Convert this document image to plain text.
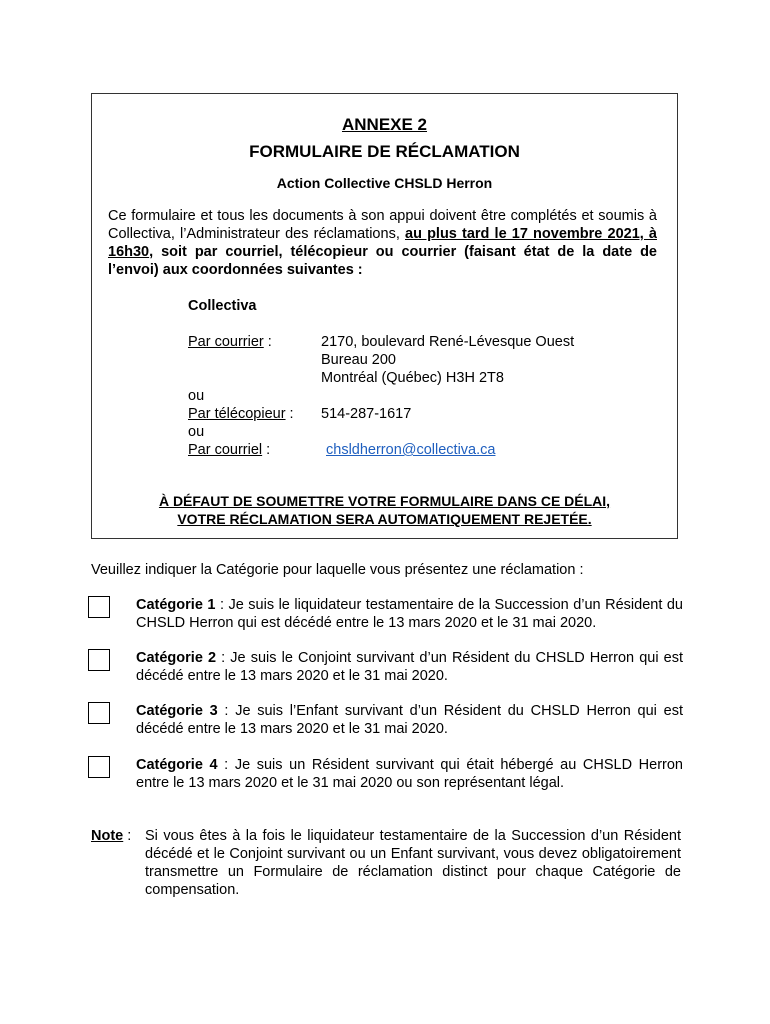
ANNEXE 2
FORMULAIRE DE RÉCLAMATION
Action Collective CHSLD Herron
Ce formulaire et tous les documents à son appui doivent être complétés et soumis à Collectiva, l’Administrateur des réclamations, au plus tard le 17 novembre 2021, à 16h30, soit par courriel, télécopieur ou courrier (faisant état de la date de l’envoi) aux coordonnées suivantes :
Collectiva
Par courrier :	2170, boulevard René-Lévesque Ouest
Bureau 200
Montréal (Québec) H3H 2T8
ou
Par télécopieur : 514-287-1617
ou
Par courriel :	chsldherron@collectiva.ca
À DÉFAUT DE SOUMETTRE VOTRE FORMULAIRE DANS CE DÉLAI,
VOTRE RÉCLAMATION SERA AUTOMATIQUEMENT REJETÉE.
Veuillez indiquer la Catégorie pour laquelle vous présentez une réclamation :
Catégorie 1 : Je suis le liquidateur testamentaire de la Succession d’un Résident du CHSLD Herron qui est décédé entre le 13 mars 2020 et le 31 mai 2020.
Catégorie 2 : Je suis le Conjoint survivant d’un Résident du CHSLD Herron qui est décédé entre le 13 mars 2020 et le 31 mai 2020.
Catégorie 3 : Je suis l’Enfant survivant d’un Résident du CHSLD Herron qui est décédé entre le 13 mars 2020 et le 31 mai 2020.
Catégorie 4 : Je suis un Résident survivant qui était hébergé au CHSLD Herron entre le 13 mars 2020 et le 31 mai 2020 ou son représentant légal.
Note : Si vous êtes à la fois le liquidateur testamentaire de la Succession d’un Résident décédé et le Conjoint survivant ou un Enfant survivant, vous devez obligatoirement transmettre un Formulaire de réclamation distinct pour chaque Catégorie de compensation.
